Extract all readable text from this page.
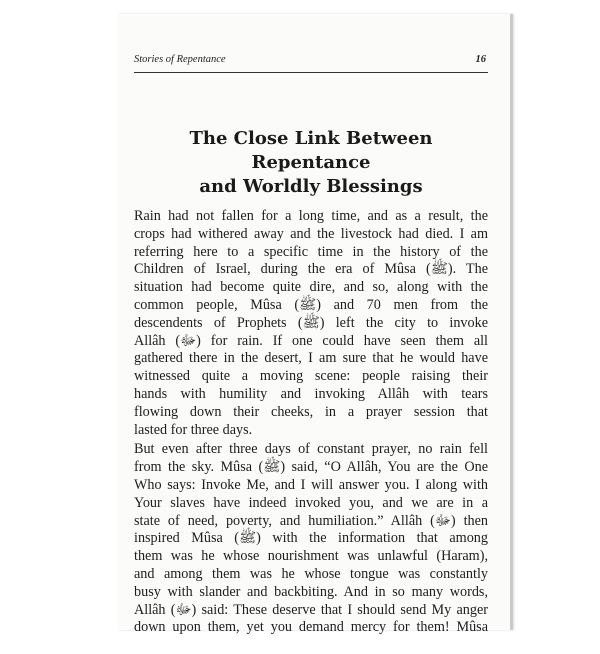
Stories of Repentance	16
The Close Link Between Repentance
and Worldly Blessings
Rain had not fallen for a long time, and as a result, the
crops had withered away and the livestock had died. I am
referring here to a specific time in the history of the
Children of Israel, during the era of Mûsa (ﷺ). The
situation had become quite dire, and so, along with the
common people, Mûsa (ﷺ) and 70 men from the
descendents of Prophets (ﷺ) left the city to invoke
Allâh (ﷻ) for rain. If one could have seen them all
gathered there in the desert, I am sure that he would have
witnessed quite a moving scene: people raising their
hands with humility and invoking Allâh with tears
flowing down their cheeks, in a prayer session that
lasted for three days.
But even after three days of constant prayer, no rain fell
from the sky. Mûsa (ﷺ) said, “O Allâh, You are the One
Who says: Invoke Me, and I will answer you. I along with
Your slaves have indeed invoked you, and we are in a
state of need, poverty, and humiliation.” Allâh (ﷻ) then
inspired Mûsa (ﷺ) with the information that among
them was he whose nourishment was unlawful (Haram),
and among them was he whose tongue was constantly
busy with slander and backbiting. And in so many words,
Allâh (ﷻ) said: These deserve that I should send My anger
down upon them, yet you demand mercy for them! Mûsa
